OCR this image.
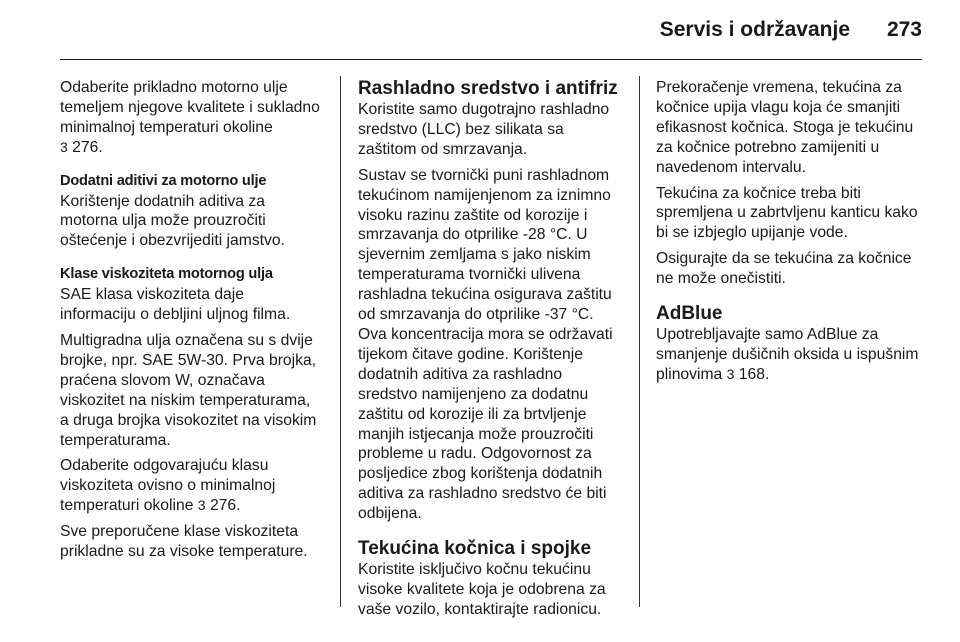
Servis i održavanje 273
Odaberite prikladno motorno ulje
temeljem njegove kvalitete i sukladno
minimalnoj temperaturi okoline
3 276.
Dodatni aditivi za motorno ulje
Korištenje dodatnih aditiva za
motorna ulja može prouzročiti
oštećenje i obezvrijediti jamstvo.
Klase viskoziteta motornog ulja
SAE klasa viskoziteta daje
informaciju o debljini uljnog filma.
Multigradna ulja označena su s dvije
brojke, npr. SAE 5W-30. Prva brojka,
praćena slovom W, označava
viskozitet na niskim temperaturama,
a druga brojka visokozitet na visokim
temperaturama.
Odaberite odgovarajuću klasu
viskoziteta ovisno o minimalnoj
temperaturi okoline 3 276.
Sve preporučene klase viskoziteta
prikladne su za visoke temperature.
Rashladno sredstvo i antifriz
Koristite samo dugotrajno rashladno
sredstvo (LLC) bez silikata sa
zaštitom od smrzavanja.
Sustav se tvornički puni rashladnom
tekućinom namijenjenom za iznimno
visoku razinu zaštite od korozije i
smrzavanja do otprilike -28 °C. U
sjevernim zemljama s jako niskim
temperaturama tvornički ulivena
rashladna tekućina osigurava zaštitu
od smrzavanja do otprilike -37 °C.
Ova koncentracija mora se održavati
tijekom čitave godine. Korištenje
dodatnih aditiva za rashladno
sredstvo namijenjeno za dodatnu
zaštitu od korozije ili za brtvljenje
manjih istjecanja može prouzročiti
probleme u radu. Odgovornost za
posljedice zbog korištenja dodatnih
aditiva za rashladno sredstvo će biti
odbijena.
Tekućina kočnica i spojke
Koristite isključivo kočnu tekućinu
visoke kvalitete koja je odobrena za
vaše vozilo, kontaktirajte radionicu.
Prekoračenje vremena, tekućina za
kočnice upija vlagu koja će smanjiti
efikasnost kočnica. Stoga je tekućinu
za kočnice potrebno zamijeniti u
navedenom intervalu.
Tekućina za kočnice treba biti
spremljena u zabrtvljenu kanticu kako
bi se izbjeglo upijanje vode.
Osigurajte da se tekućina za kočnice
ne može onečistiti.
AdBlue
Upotrebljavajte samo AdBlue za
smanjenje dušičnih oksida u ispušnim
plinovima 3 168.
